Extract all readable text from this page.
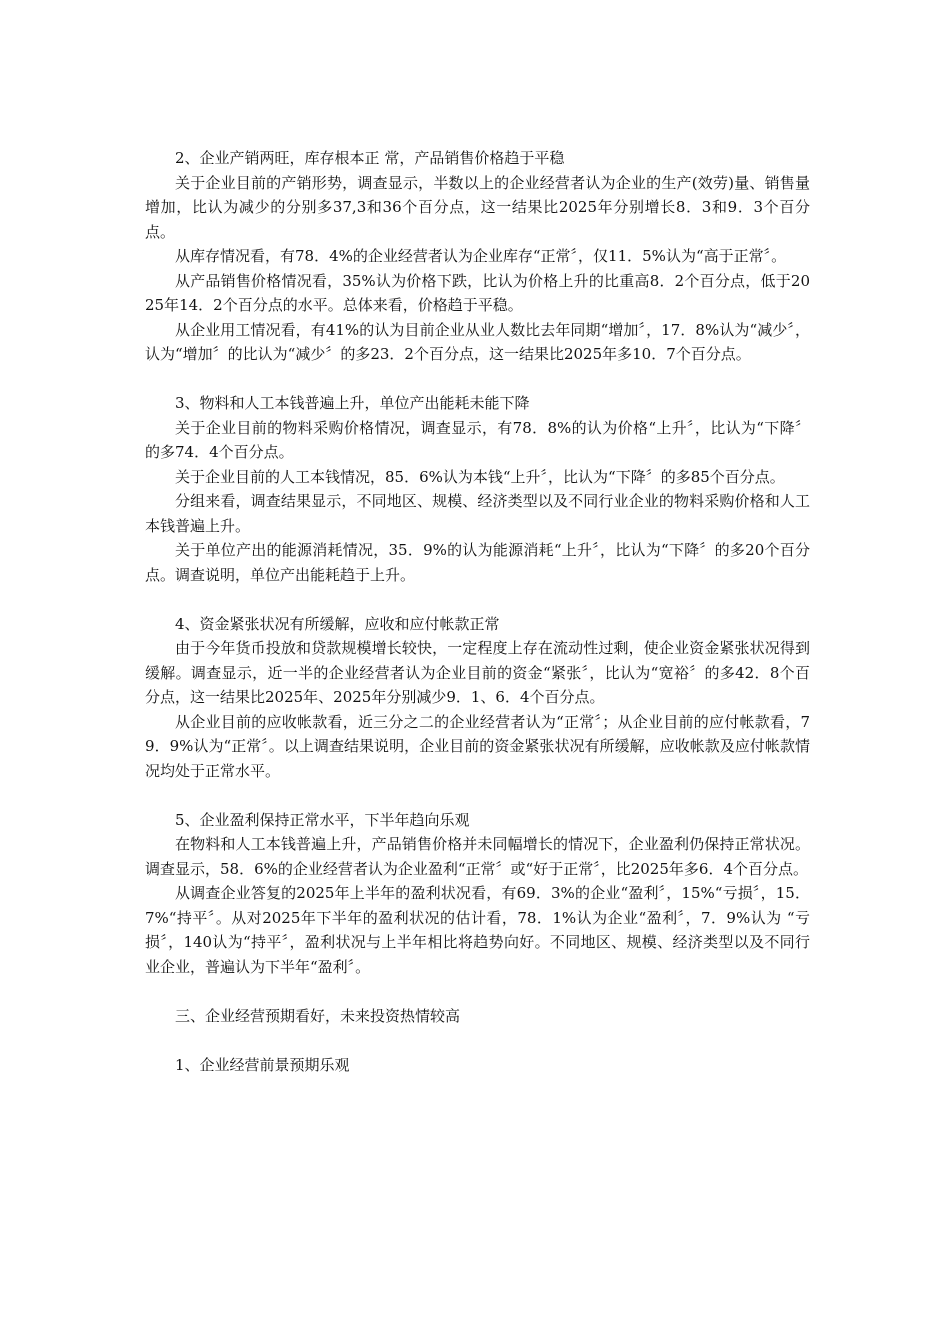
2、企业产销两旺，库存根本正 常，产品销售价格趋于平稳

关于企业目前的产销形势，调查显示，半数以上的企业经营者认为企业的生产(效劳)量、销售量增加，比认为减少的分别多37,3和36个百分点，这一结果比2025年分别增长8．3和9．3个百分点。

从库存情况看，有78．4%的企业经营者认为企业库存“正常〞，仅11．5%认为“高于正常〞。

从产品销售价格情况看，35%认为价格下跌，比认为价格上升的比重高8．2个百分点，低于2025年14．2个百分点的水平。总体来看，价格趋于平稳。

从企业用工情况看，有41%的认为目前企业从业人数比去年同期“增加〞，17．8%认为“减少〞，认为“增加〞的比认为“减少〞的多23．2个百分点，这一结果比2025年多10．7个百分点。

3、物料和人工本钱普遍上升，单位产出能耗未能下降

关于企业目前的物料采购价格情况，调查显示，有78．8%的认为价格“上升〞，比认为“下降〞的多74．4个百分点。

关于企业目前的人工本钱情况，85．6%认为本钱“上升〞，比认为“下降〞的多85个百分点。

分组来看，调查结果显示，不同地区、规模、经济类型以及不同行业企业的物料采购价格和人工本钱普遍上升。

关于单位产出的能源消耗情况，35．9%的认为能源消耗“上升〞，比认为“下降〞的多20个百分点。调查说明，单位产出能耗趋于上升。

4、资金紧张状况有所缓解，应收和应付帐款正常

由于今年货币投放和贷款规模增长较快，一定程度上存在流动性过剩，使企业资金紧张状况得到缓解。调查显示，近一半的企业经营者认为企业目前的资金“紧张〞，比认为“宽裕〞的多42．8个百分点，这一结果比2025年、2025年分别减少9．1、6．4个百分点。

从企业目前的应收帐款看，近三分之二的企业经营者认为“正常〞；从企业目前的应付帐款看，79．9%认为“正常〞。以上调查结果说明，企业目前的资金紧张状况有所缓解，应收帐款及应付帐款情况均处于正常水平。

5、企业盈利保持正常水平，下半年趋向乐观

在物料和人工本钱普遍上升，产品销售价格并未同幅增长的情况下，企业盈利仍保持正常状况。调查显示，58．6%的企业经营者认为企业盈利“正常〞或“好于正常〞，比2025年多6．4个百分点。

从调查企业答复的2025年上半年的盈利状况看，有69．3%的企业“盈利〞，15%“亏损〞，15．7%“持平〞。从对2025年下半年的盈利状况的估计看，78．1%认为企业“盈利〞，7．9%认为 “亏损〞，140认为“持平〞，盈利状况与上半年相比将趋势向好。不同地区、规模、经济类型以及不同行业企业，普遍认为下半年“盈利〞。

三、企业经营预期看好，未来投资热情较高

1、企业经营前景预期乐观
